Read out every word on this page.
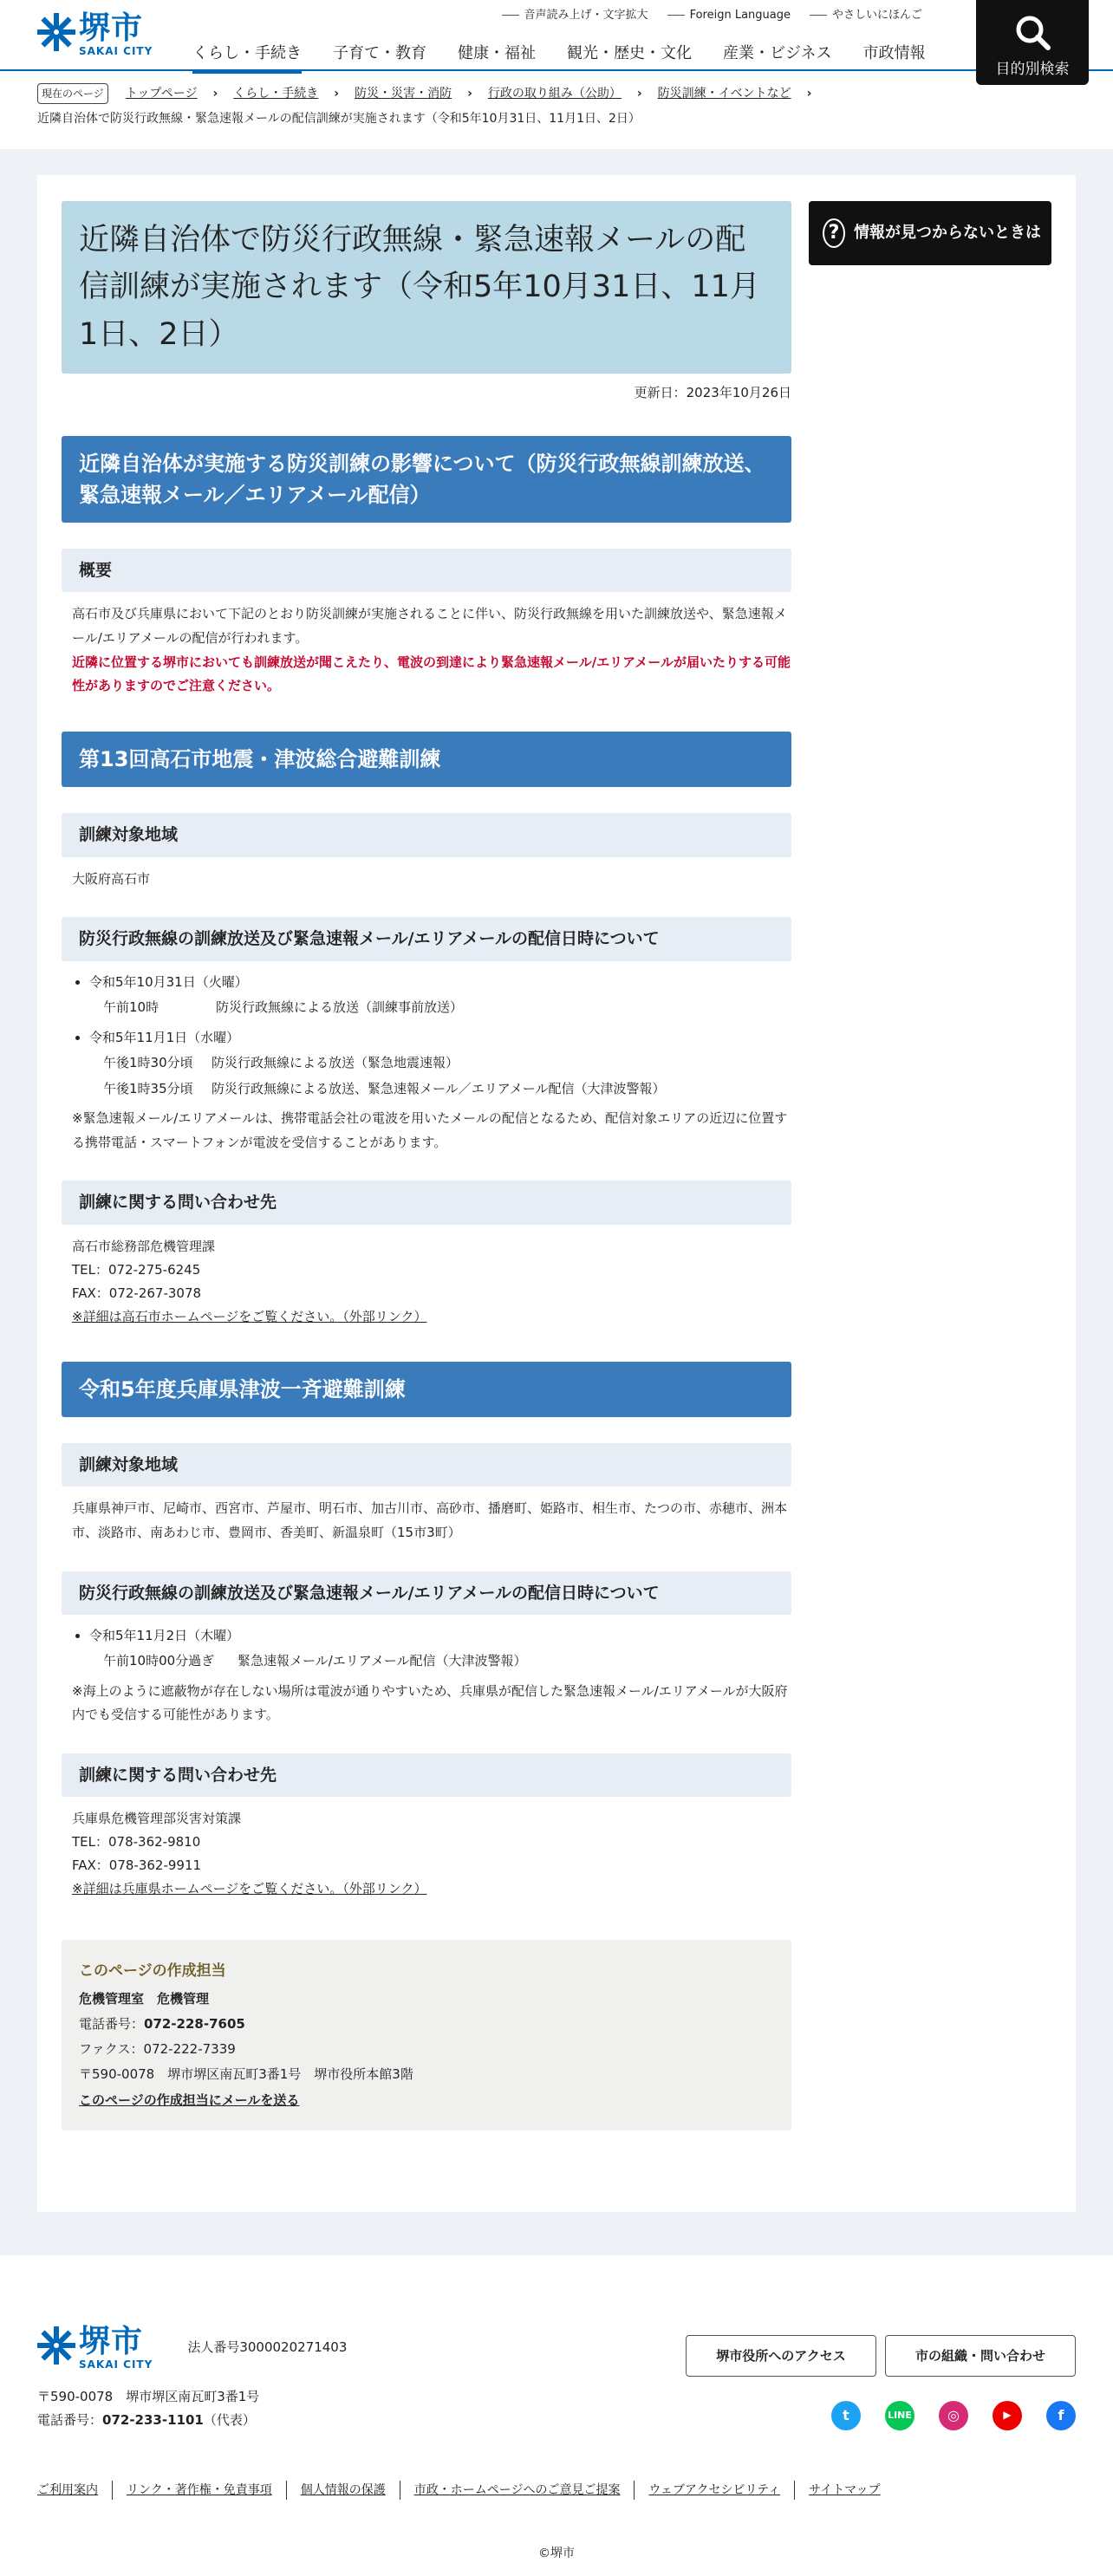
堺市
SAKAI CITY
音声読み上げ・文字拡大	Foreign Language	やさしいにほんご
くらし・手続き 子育て・教育 健康・福祉 観光・歴史・文化 産業・ビジネス 市政情報
目的別検索
現在のページ	トップページ › くらし・手続き › 防災・災害・消防 › 行政の取り組み（公助） › 防災訓練・イベントなど ›
近隣自治体で防災行政無線・緊急速報メールの配信訓練が実施されます（令和5年10月31日、11月1日、2日）
近隣自治体で防災行政無線・緊急速報メールの配信訓練が実施されます（令和5年10月31日、11月1日、2日）
更新日：2023年10月26日
近隣自治体が実施する防災訓練の影響について（防災行政無線訓練放送、緊急速報メール／エリアメール配信）
概要
高石市及び兵庫県において下記のとおり防災訓練が実施されることに伴い、防災行政無線を用いた訓練放送や、緊急速報メール/エリアメールの配信が行われます。
近隣に位置する堺市においても訓練放送が聞こえたり、電波の到達により緊急速報メール/エリアメールが届いたりする可能性がありますのでご注意ください。
第13回高石市地震・津波総合避難訓練
訓練対象地域
大阪府高石市
防災行政無線の訓練放送及び緊急速報メール/エリアメールの配信日時について
• 令和5年10月31日（火曜）
午前10時	防災行政無線による放送（訓練事前放送）
• 令和5年11月1日（水曜）
午後1時30分頃 防災行政無線による放送（緊急地震速報）
午後1時35分頃 防災行政無線による放送、緊急速報メール／エリアメール配信（大津波警報）
※緊急速報メール/エリアメールは、携帯電話会社の電波を用いたメールの配信となるため、配信対象エリアの近辺に位置する携帯電話・スマートフォンが電波を受信することがあります。
訓練に関する問い合わせ先
高石市総務部危機管理課
TEL：072-275-6245
FAX：072-267-3078
※詳細は高石市ホームページをご覧ください。（外部リンク）
令和5年度兵庫県津波一斉避難訓練
訓練対象地域
兵庫県神戸市、尼崎市、西宮市、芦屋市、明石市、加古川市、高砂市、播磨町、姫路市、相生市、たつの市、赤穂市、洲本市、淡路市、南あわじ市、豊岡市、香美町、新温泉町（15市3町）
防災行政無線の訓練放送及び緊急速報メール/エリアメールの配信日時について
• 令和5年11月2日（木曜）
午前10時00分過ぎ 緊急速報メール/エリアメール配信（大津波警報）
※海上のように遮蔽物が存在しない場所は電波が通りやすいため、兵庫県が配信した緊急速報メール/エリアメールが大阪府内でも受信する可能性があります。
訓練に関する問い合わせ先
兵庫県危機管理部災害対策課
TEL：078-362-9810
FAX：078-362-9911
※詳細は兵庫県ホームページをご覧ください。（外部リンク）
このページの作成担当
危機管理室　危機管理
電話番号：072-228-7605
ファクス：072-222-7339
〒590-0078　堺市堺区南瓦町3番1号　堺市役所本館3階
このページの作成担当にメールを送る
? 情報が見つからないときは
堺市
SAKAI CITY
法人番号3000020271403
〒590-0078　堺市堺区南瓦町3番1号
電話番号：072-233-1101（代表）
堺市役所へのアクセス	市の組織・問い合わせ
t	LINE	◎	▶	f
ご利用案内	リンク・著作権・免責事項	個人情報の保護	市政・ホームページへのご意見ご提案	ウェブアクセシビリティ	サイトマップ
©堺市
